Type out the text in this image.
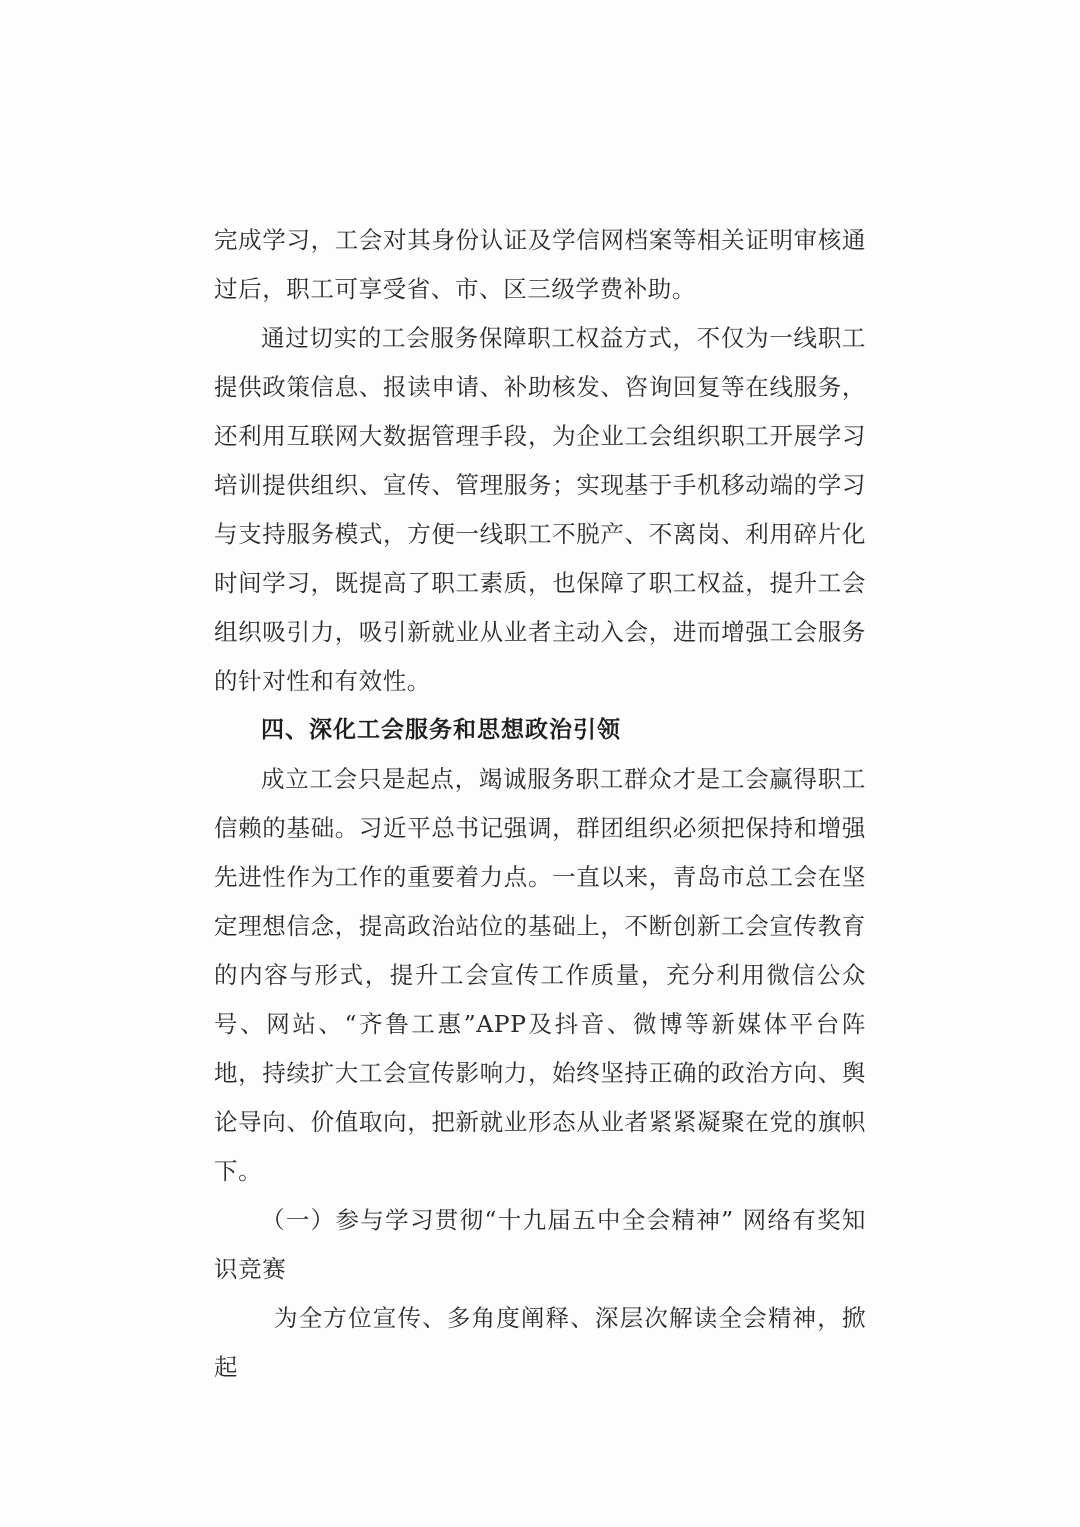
完成学习，工会对其身份认证及学信网档案等相关证明审核通过后，职工可享受省、市、区三级学费补助。

通过切实的工会服务保障职工权益方式，不仅为一线职工提供政策信息、报读申请、补助核发、咨询回复等在线服务，还利用互联网大数据管理手段，为企业工会组织职工开展学习培训提供组织、宣传、管理服务；实现基于手机移动端的学习与支持服务模式，方便一线职工不脱产、不离岗、利用碎片化时间学习，既提高了职工素质，也保障了职工权益，提升工会组织吸引力，吸引新就业从业者主动入会，进而增强工会服务的针对性和有效性。

四、深化工会服务和思想政治引领

成立工会只是起点，竭诚服务职工群众才是工会赢得职工信赖的基础。习近平总书记强调，群团组织必须把保持和增强先进性作为工作的重要着力点。一直以来，青岛市总工会在坚定理想信念，提高政治站位的基础上，不断创新工会宣传教育的内容与形式，提升工会宣传工作质量，充分利用微信公众号、网站、“齐鲁工惠”APP及抖音、微博等新媒体平台阵地，持续扩大工会宣传影响力，始终坚持正确的政治方向、舆论导向、价值取向，把新就业形态从业者紧紧凝聚在党的旗帜下。

（一）参与学习贯彻“十九届五中全会精神” 网络有奖知识竞赛

为全方位宣传、多角度阐释、深层次解读全会精神，掀起
